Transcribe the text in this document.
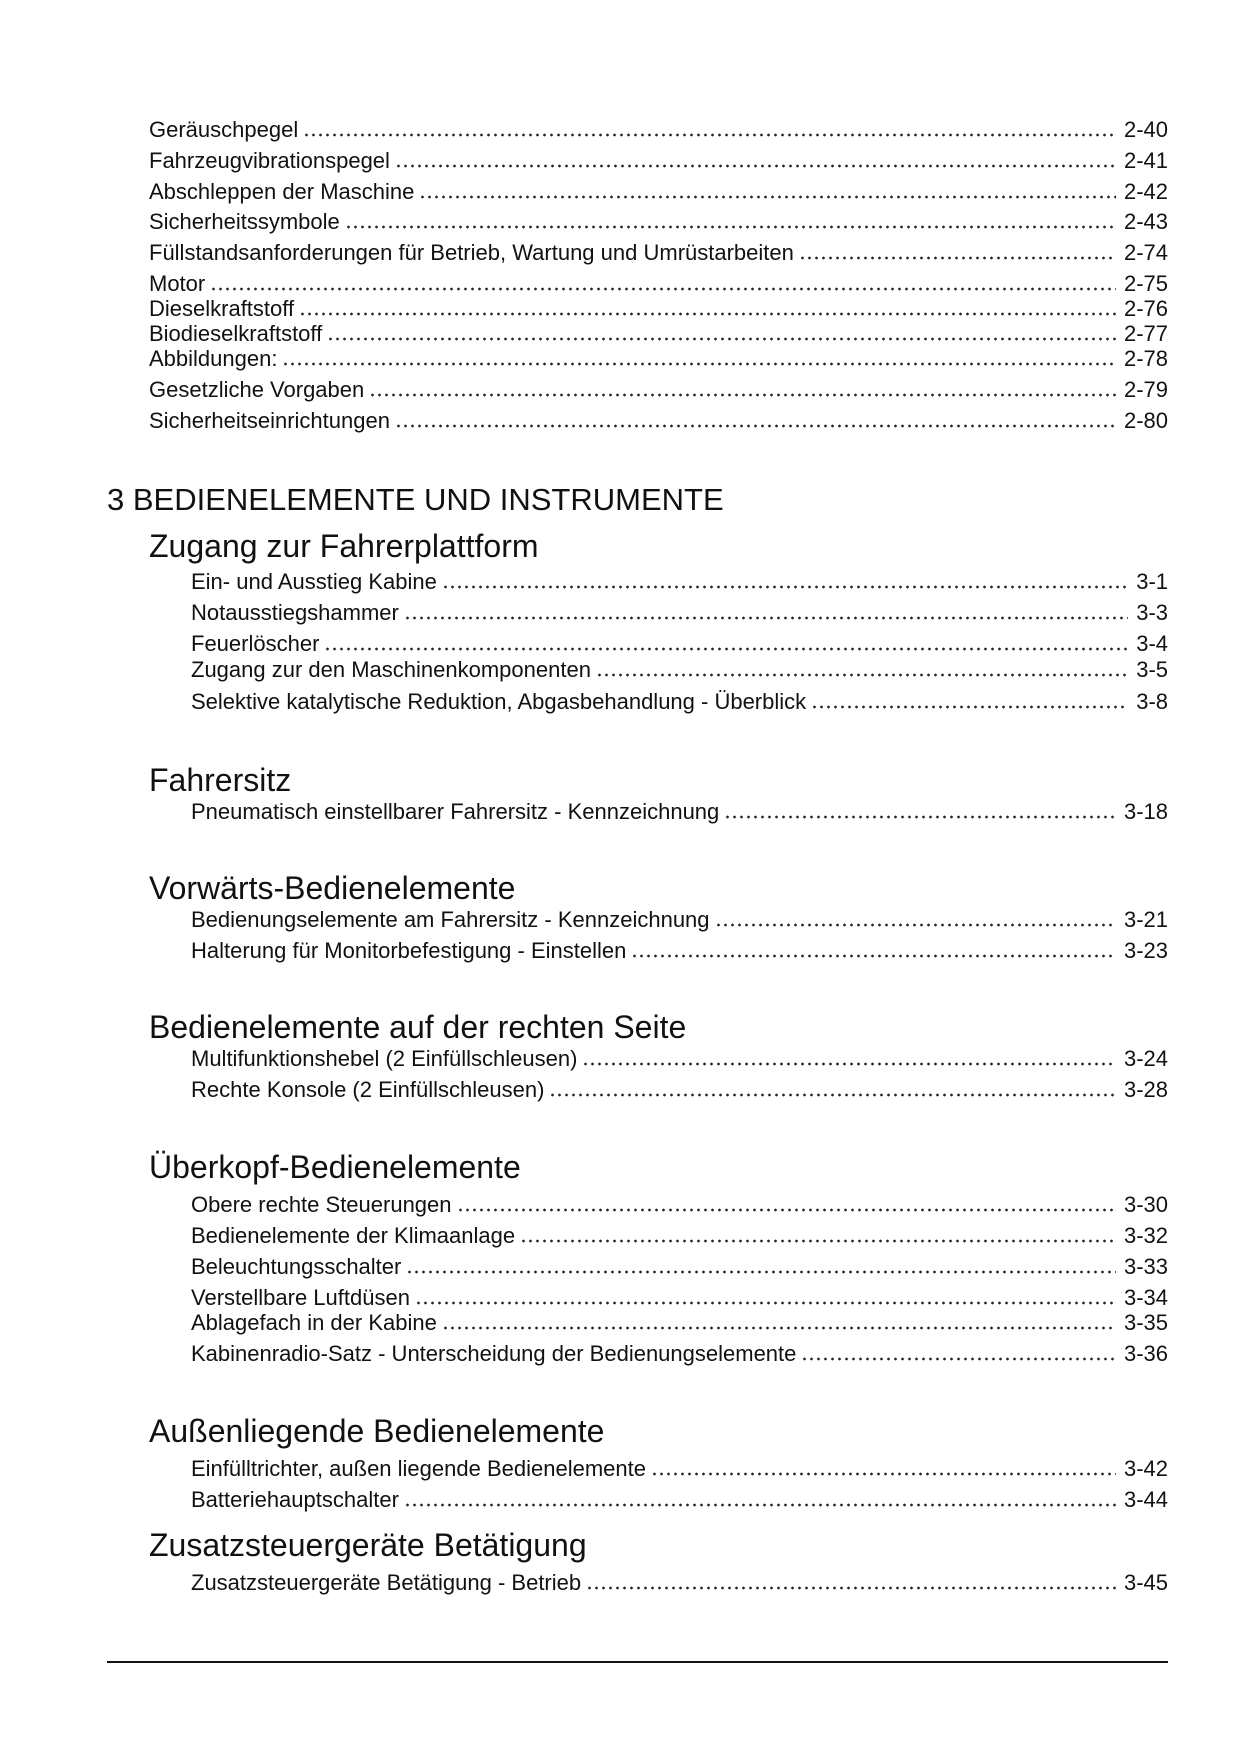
Geräuschpegel	2-40
Fahrzeugvibrationspegel	2-41
Abschleppen der Maschine	2-42
Sicherheitssymbole	2-43
Füllstandsanforderungen für Betrieb, Wartung und Umrüstarbeiten	2-74
Motor	2-75
Dieselkraftstoff	2-76
Biodieselkraftstoff	2-77
Abbildungen:	2-78
Gesetzliche Vorgaben	2-79
Sicherheitseinrichtungen	2-80
3 BEDIENELEMENTE UND INSTRUMENTE
Zugang zur Fahrerplattform
Ein- und Ausstieg Kabine	3-1
Notausstiegshammer	3-3
Feuerlöscher	3-4
Zugang zur den Maschinenkomponenten	3-5
Selektive katalytische Reduktion, Abgasbehandlung - Überblick	3-8
Fahrersitz
Pneumatisch einstellbarer Fahrersitz - Kennzeichnung	3-18
Vorwärts-Bedienelemente
Bedienungselemente am Fahrersitz - Kennzeichnung	3-21
Halterung für Monitorbefestigung - Einstellen	3-23
Bedienelemente auf der rechten Seite
Multifunktionshebel (2 Einfüllschleusen)	3-24
Rechte Konsole (2 Einfüllschleusen)	3-28
Überkopf-Bedienelemente
Obere rechte Steuerungen	3-30
Bedienelemente der Klimaanlage	3-32
Beleuchtungsschalter	3-33
Verstellbare Luftdüsen	3-34
Ablagefach in der Kabine	3-35
Kabinenradio-Satz - Unterscheidung der Bedienungselemente	3-36
Außenliegende Bedienelemente
Einfülltrichter, außen liegende Bedienelemente	3-42
Batteriehauptschalter	3-44
Zusatzsteuergeräte Betätigung
Zusatzsteuergeräte Betätigung - Betrieb	3-45
